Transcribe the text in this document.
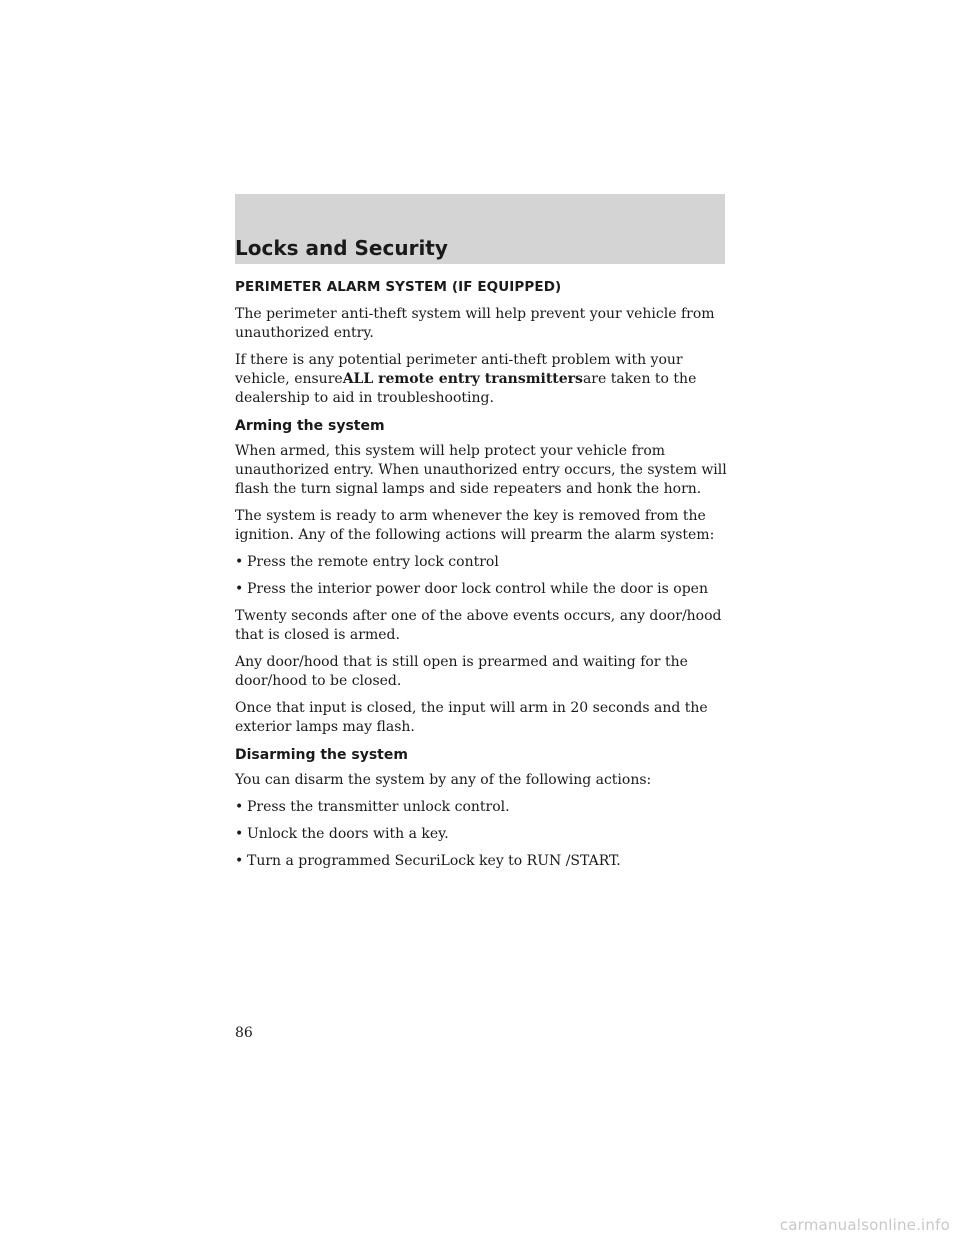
Locks and Security
PERIMETER ALARM SYSTEM (IF EQUIPPED)

The perimeter anti-theft system will help prevent your vehicle from unauthorized entry.

If there is any potential perimeter anti-theft problem with your vehicle, ensureALL remote entry transmittersare taken to the dealership to aid in troubleshooting.

Arming the system

When armed, this system will help protect your vehicle from unauthorized entry. When unauthorized entry occurs, the system will flash the turn signal lamps and side repeaters and honk the horn.

The system is ready to arm whenever the key is removed from the ignition. Any of the following actions will prearm the alarm system:

• Press the remote entry lock control
• Press the interior power door lock control while the door is open

Twenty seconds after one of the above events occurs, any door/hood that is closed is armed.

Any door/hood that is still open is prearmed and waiting for the door/hood to be closed.

Once that input is closed, the input will arm in 20 seconds and the exterior lamps may flash.

Disarming the system

You can disarm the system by any of the following actions:

• Press the transmitter unlock control.
• Unlock the doors with a key.
• Turn a programmed SecuriLock key to RUN /START.
86
carmanualsonline.info
